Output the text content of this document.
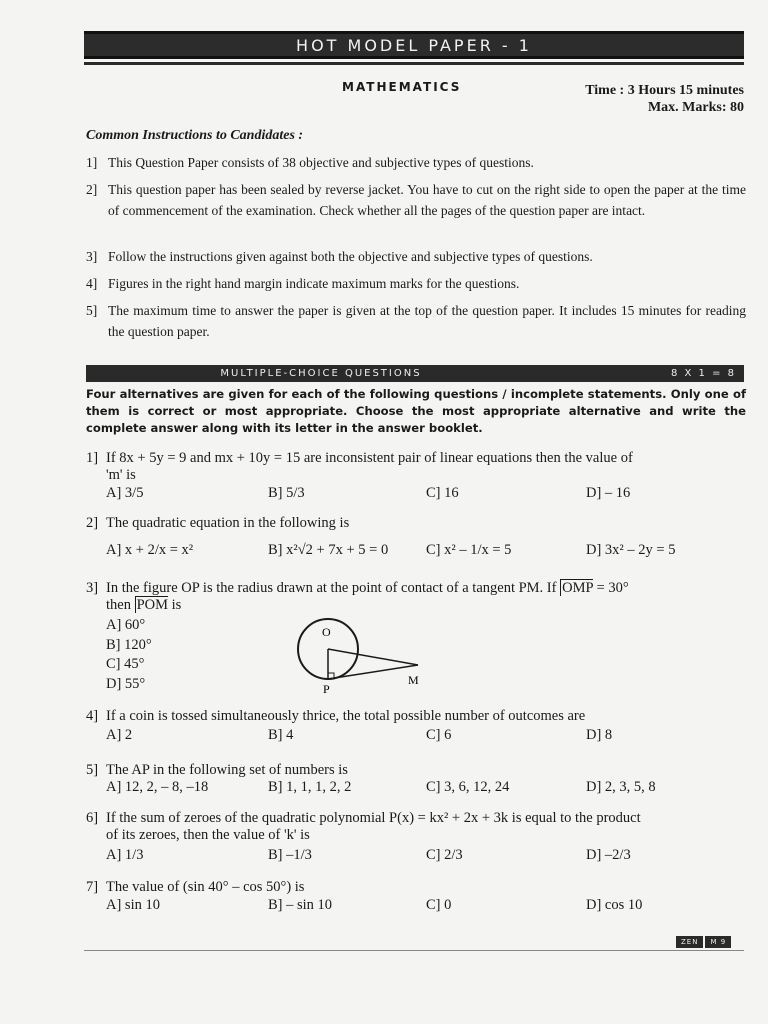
HOT MODEL PAPER - 1
MATHEMATICS	Time : 3 Hours 15 minutes
Max. Marks: 80
Common Instructions to Candidates :
1] This Question Paper consists of 38 objective and subjective types of questions.
2] This question paper has been sealed by reverse jacket. You have to cut on the right side to open the paper at the time of commencement of the examination. Check whether all the pages of the question paper are intact.
3] Follow the instructions given against both the objective and subjective types of questions.
4] Figures in the right hand margin indicate maximum marks for the questions.
5] The maximum time to answer the paper is given at the top of the question paper. It includes 15 minutes for reading the question paper.
MULTIPLE-CHOICE QUESTIONS	8 X 1 = 8
Four alternatives are given for each of the following questions / incomplete statements. Only one of them is correct or most appropriate. Choose the most appropriate alternative and write the complete answer along with its letter in the answer booklet.
1] If 8x + 5y = 9 and mx + 10y = 15 are inconsistent pair of linear equations then the value of
'm' is
A] 3/5	B] 5/3	C] 16	D] – 16
2] The quadratic equation in the following is
A] x + 2/x = x²	B] x²√2 + 7x + 5 = 0	C] x² – 1/x = 5	D] 3x² – 2y = 5
3] In the figure OP is the radius drawn at the point of contact of a tangent PM. If OMP = 30°
then POM is
A] 60°
B] 120°
C] 45°
D] 55°
O
P
M
4] If a coin is tossed simultaneously thrice, the total possible number of outcomes are
A] 2	B] 4	C] 6	D] 8
5] The AP in the following set of numbers is
A] 12, 2, – 8, –18	B] 1, 1, 1, 2, 2	C] 3, 6, 12, 24	D] 2, 3, 5, 8
6] If the sum of zeroes of the quadratic polynomial P(x) = kx² + 2x + 3k is equal to the product
of its zeroes, then the value of 'k' is
A] 1/3	B] –1/3	C] 2/3	D] –2/3
7] The value of (sin 40° – cos 50°) is
A] sin 10	B] – sin 10	C] 0	D] cos 10
ZEN	M 9
